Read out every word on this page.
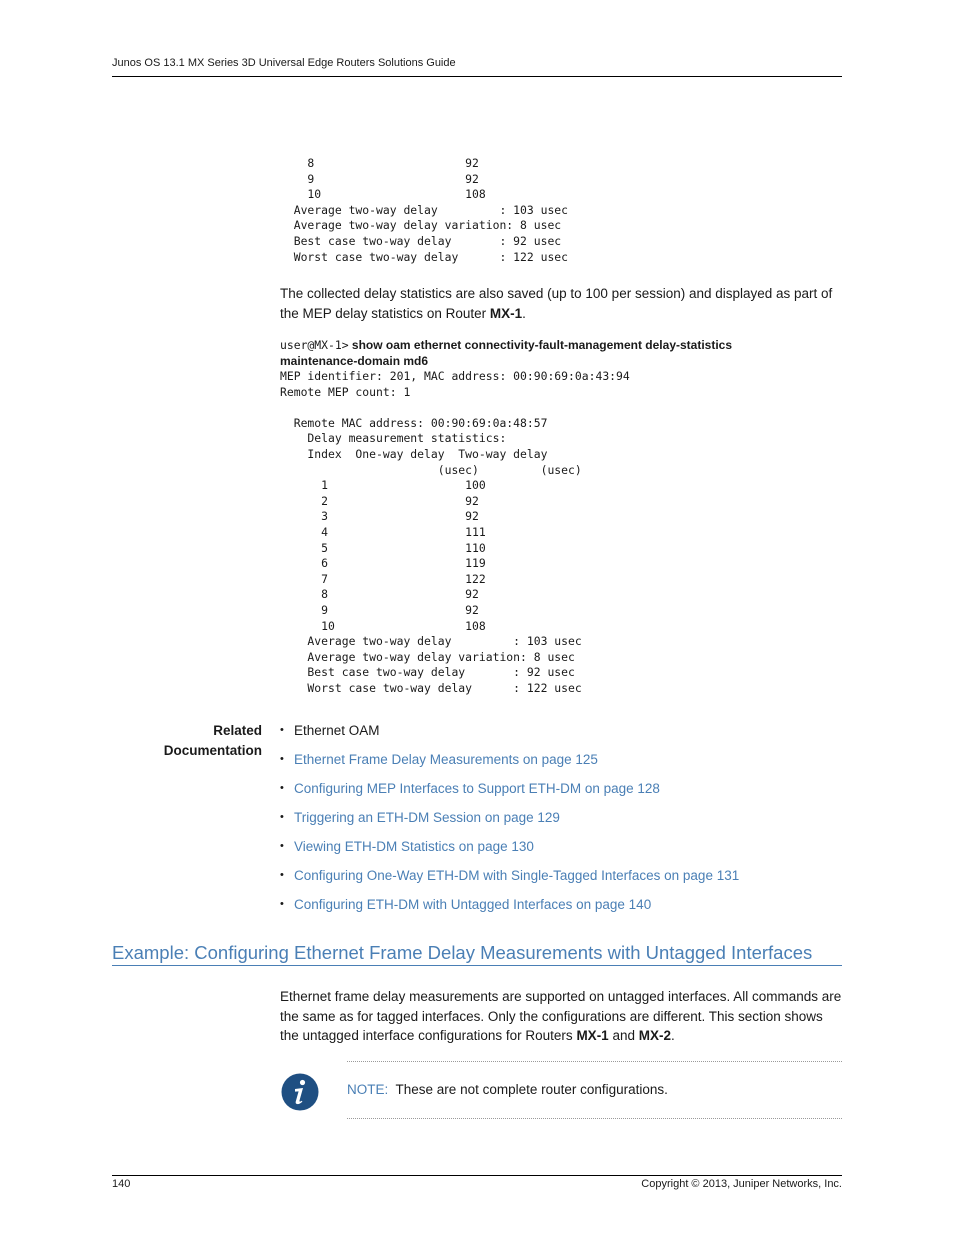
Junos OS 13.1 MX Series 3D Universal Edge Routers Solutions Guide
8                      92
9                      92
10                     108
Average two-way delay         : 103 usec
Average two-way delay variation: 8 usec
Best case two-way delay       : 92 usec
Worst case two-way delay      : 122 usec

The collected delay statistics are also saved (up to 100 per session) and displayed as part of the MEP delay statistics on Router MX-1.

user@MX-1> show oam ethernet connectivity-fault-management delay-statistics maintenance-domain md6
MEP identifier: 201, MAC address: 00:90:69:0a:43:94
Remote MEP count: 1

Remote MAC address: 00:90:69:0a:48:57
Delay measurement statistics:
Index  One-way delay  Two-way delay
(usec)         (usec)
1                    100
2                    92
3                    92
4                    111
5                    110
6                    119
7                    122
8                    92
9                    92
10                   108
Average two-way delay         : 103 usec
Average two-way delay variation: 8 usec
Best case two-way delay       : 92 usec
Worst case two-way delay      : 122 usec
Related
Documentation
• Ethernet OAM
• Ethernet Frame Delay Measurements on page 125
• Configuring MEP Interfaces to Support ETH-DM on page 128
• Triggering an ETH-DM Session on page 129
• Viewing ETH-DM Statistics on page 130
• Configuring One-Way ETH-DM with Single-Tagged Interfaces on page 131
• Configuring ETH-DM with Untagged Interfaces on page 140
Example: Configuring Ethernet Frame Delay Measurements with Untagged Interfaces

Ethernet frame delay measurements are supported on untagged interfaces. All commands are the same as for tagged interfaces. Only the configurations are different. This section shows the untagged interface configurations for Routers MX-1 and MX-2.

NOTE: These are not complete router configurations.
140	Copyright © 2013, Juniper Networks, Inc.
